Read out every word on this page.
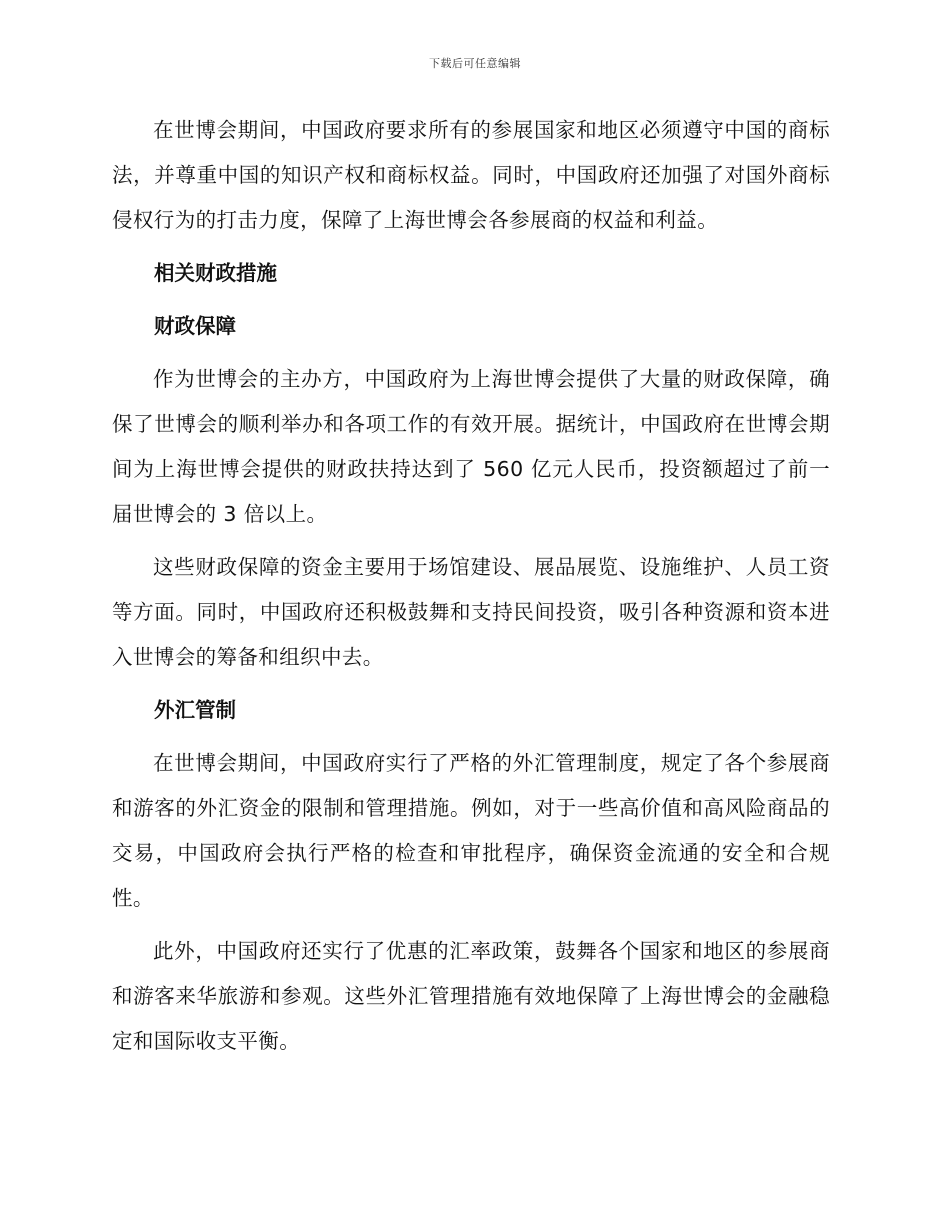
下载后可任意编辑

在世博会期间，中国政府要求所有的参展国家和地区必须遵守中国的商标法，并尊重中国的知识产权和商标权益。同时，中国政府还加强了对国外商标侵权行为的打击力度，保障了上海世博会各参展商的权益和利益。

相关财政措施
财政保障

作为世博会的主办方，中国政府为上海世博会提供了大量的财政保障，确保了世博会的顺利举办和各项工作的有效开展。据统计，中国政府在世博会期间为上海世博会提供的财政扶持达到了 560 亿元人民币，投资额超过了前一届世博会的 3 倍以上。

这些财政保障的资金主要用于场馆建设、展品展览、设施维护、人员工资等方面。同时，中国政府还积极鼓舞和支持民间投资，吸引各种资源和资本进入世博会的筹备和组织中去。

外汇管制

在世博会期间，中国政府实行了严格的外汇管理制度，规定了各个参展商和游客的外汇资金的限制和管理措施。例如，对于一些高价值和高风险商品的交易，中国政府会执行严格的检查和审批程序，确保资金流通的安全和合规性。

此外，中国政府还实行了优惠的汇率政策，鼓舞各个国家和地区的参展商和游客来华旅游和参观。这些外汇管理措施有效地保障了上海世博会的金融稳定和国际收支平衡。
